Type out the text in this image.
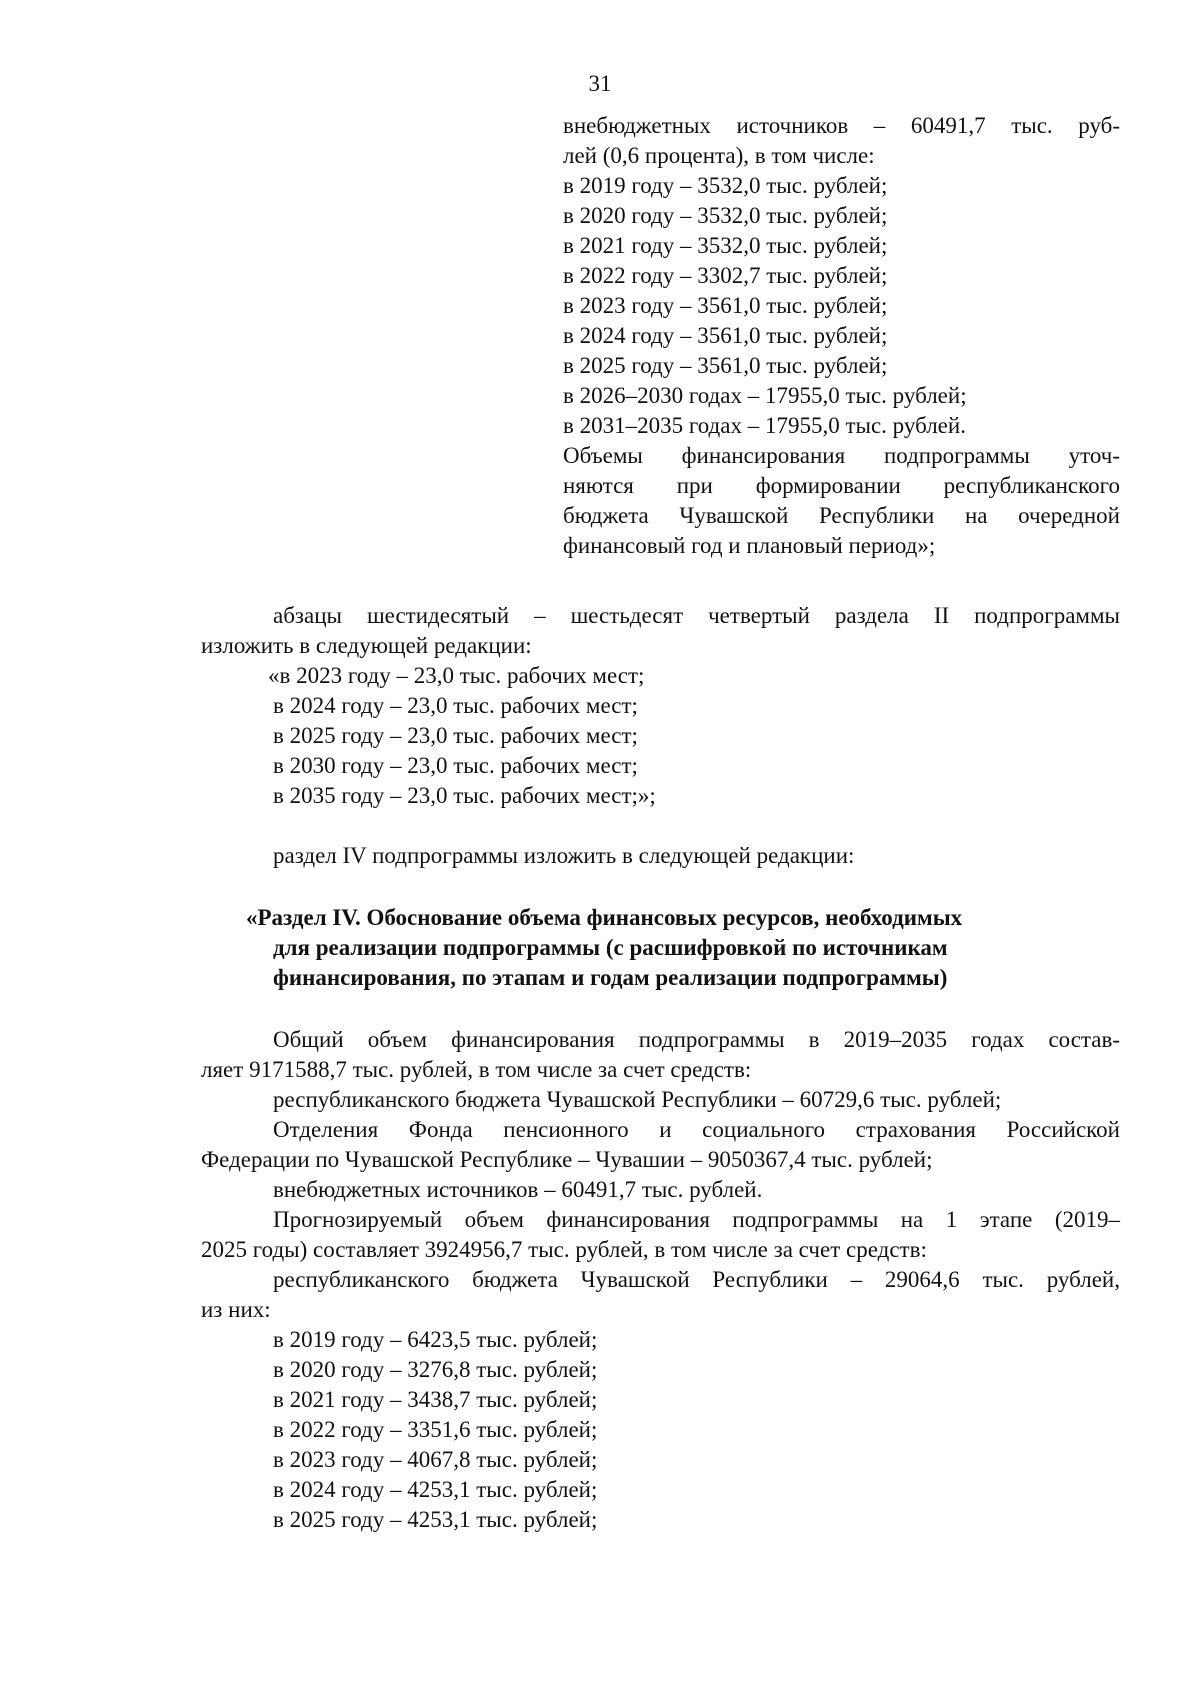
31
внебюджетных источников – 60491,7 тыс. руб-
лей (0,6 процента), в том числе:
в 2019 году – 3532,0 тыс. рублей;
в 2020 году – 3532,0 тыс. рублей;
в 2021 году – 3532,0 тыс. рублей;
в 2022 году – 3302,7 тыс. рублей;
в 2023 году – 3561,0 тыс. рублей;
в 2024 году – 3561,0 тыс. рублей;
в 2025 году – 3561,0 тыс. рублей;
в 2026–2030 годах – 17955,0 тыс. рублей;
в 2031–2035 годах – 17955,0 тыс. рублей.
Объемы финансирования подпрограммы уточ-
няются при формировании республиканского
бюджета Чувашской Республики на очередной
финансовый год и плановый период»;
абзацы шестидесятый – шестьдесят четвертый раздела II подпрограммы
изложить в следующей редакции:
«в 2023 году – 23,0 тыс. рабочих мест;
в 2024 году – 23,0 тыс. рабочих мест;
в 2025 году – 23,0 тыс. рабочих мест;
в 2030 году – 23,0 тыс. рабочих мест;
в 2035 году – 23,0 тыс. рабочих мест;»;
раздел IV подпрограммы изложить в следующей редакции:
«Раздел IV. Обоснование объема финансовых ресурсов, необходимых
для реализации подпрограммы (с расшифровкой по источникам
финансирования, по этапам и годам реализации подпрограммы)
Общий объем финансирования подпрограммы в 2019–2035 годах состав-
ляет 9171588,7 тыс. рублей, в том числе за счет средств:
республиканского бюджета Чувашской Республики – 60729,6 тыс. рублей;
Отделения Фонда пенсионного и социального страхования Российской
Федерации по Чувашской Республике – Чувашии – 9050367,4 тыс. рублей;
внебюджетных источников – 60491,7 тыс. рублей.
Прогнозируемый объем финансирования подпрограммы на 1 этапе (2019–
2025 годы) составляет 3924956,7 тыс. рублей, в том числе за счет средств:
республиканского бюджета Чувашской Республики – 29064,6 тыс. рублей,
из них:
в 2019 году – 6423,5 тыс. рублей;
в 2020 году – 3276,8 тыс. рублей;
в 2021 году – 3438,7 тыс. рублей;
в 2022 году – 3351,6 тыс. рублей;
в 2023 году – 4067,8 тыс. рублей;
в 2024 году – 4253,1 тыс. рублей;
в 2025 году – 4253,1 тыс. рублей;
